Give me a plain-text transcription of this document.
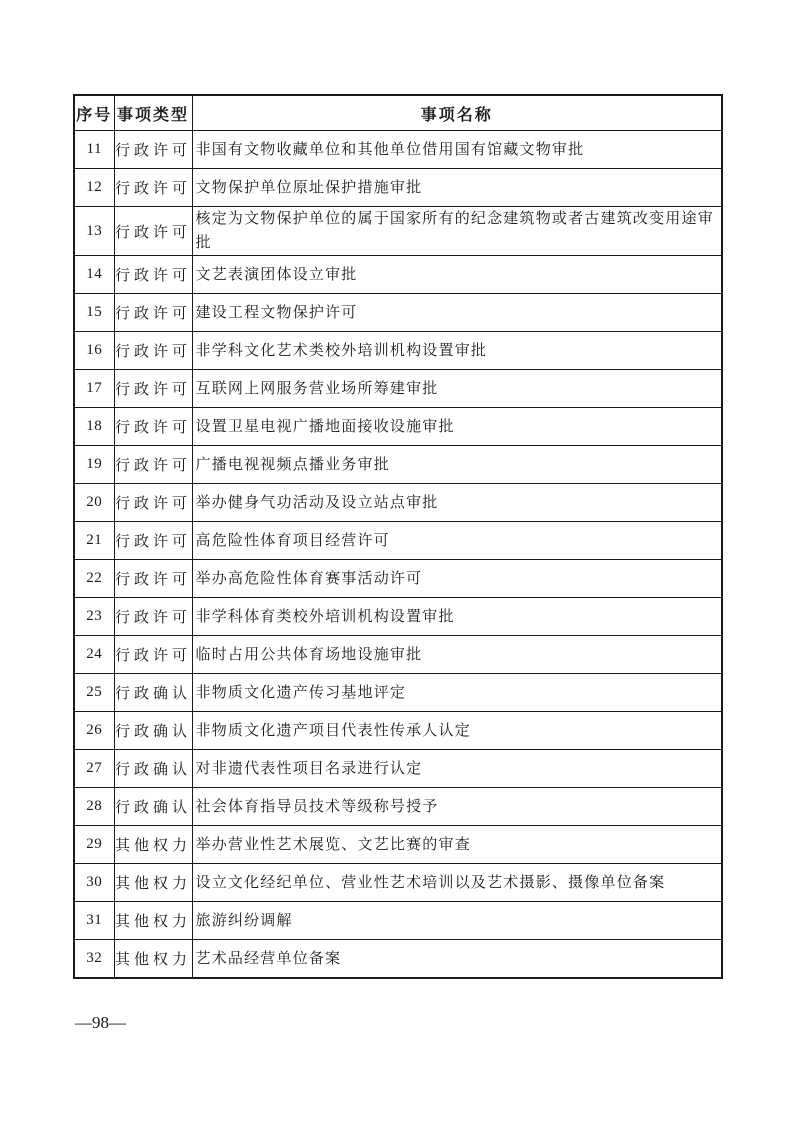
序号	事项类型	事项名称
11	行政许可	非国有文物收藏单位和其他单位借用国有馆藏文物审批
12	行政许可	文物保护单位原址保护措施审批
13	行政许可	核定为文物保护单位的属于国家所有的纪念建筑物或者古建筑改变用途审批
14	行政许可	文艺表演团体设立审批
15	行政许可	建设工程文物保护许可
16	行政许可	非学科文化艺术类校外培训机构设置审批
17	行政许可	互联网上网服务营业场所筹建审批
18	行政许可	设置卫星电视广播地面接收设施审批
19	行政许可	广播电视视频点播业务审批
20	行政许可	举办健身气功活动及设立站点审批
21	行政许可	高危险性体育项目经营许可
22	行政许可	举办高危险性体育赛事活动许可
23	行政许可	非学科体育类校外培训机构设置审批
24	行政许可	临时占用公共体育场地设施审批
25	行政确认	非物质文化遗产传习基地评定
26	行政确认	非物质文化遗产项目代表性传承人认定
27	行政确认	对非遗代表性项目名录进行认定
28	行政确认	社会体育指导员技术等级称号授予
29	其他权力	举办营业性艺术展览、文艺比赛的审查
30	其他权力	设立文化经纪单位、营业性艺术培训以及艺术摄影、摄像单位备案
31	其他权力	旅游纠纷调解
32	其他权力	艺术品经营单位备案
—98—
